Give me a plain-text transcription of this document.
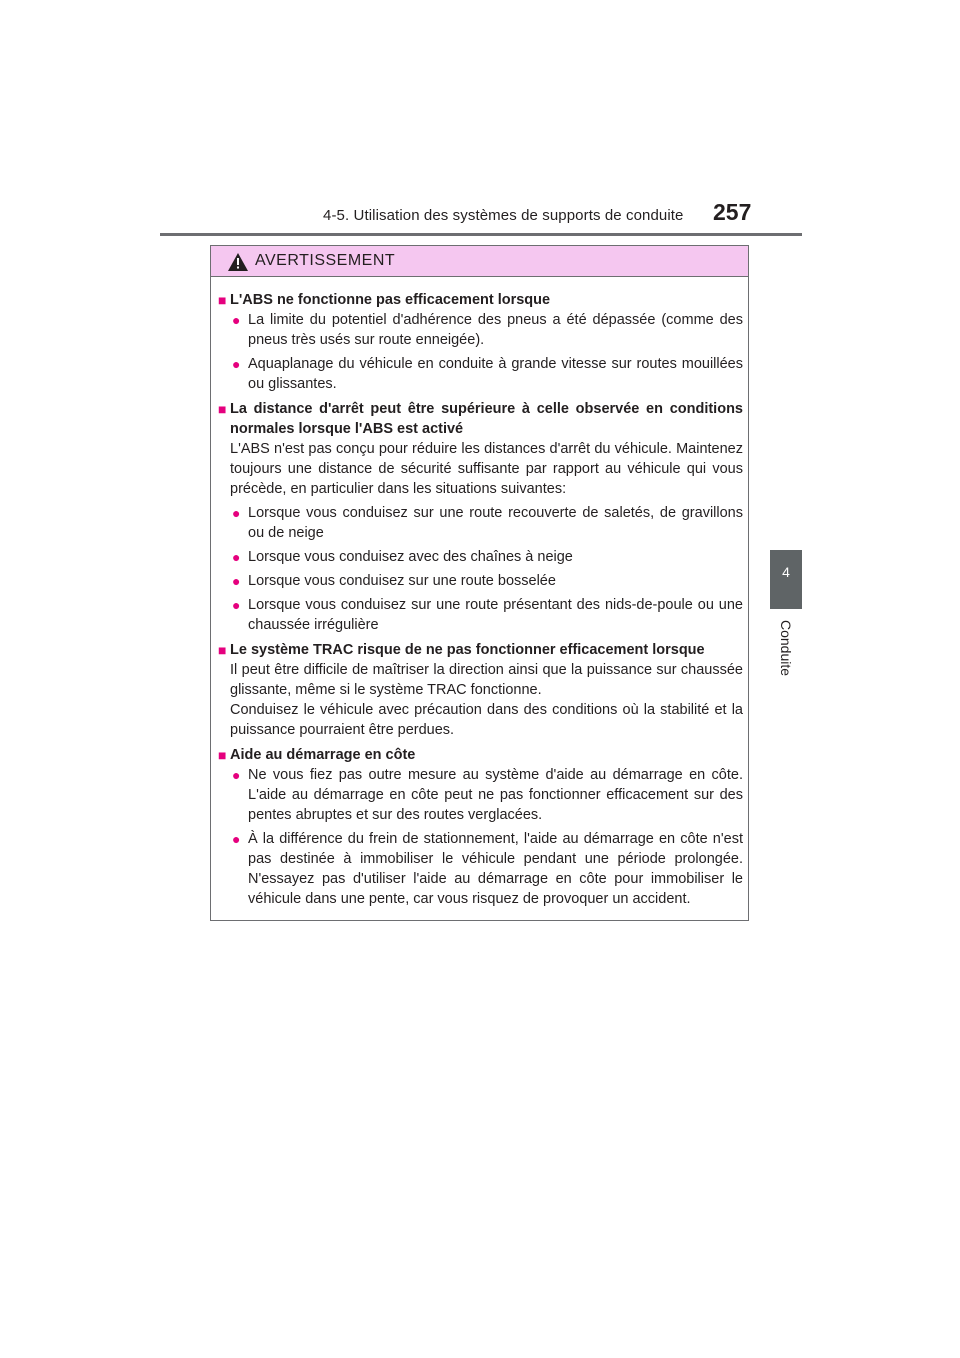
4-5. Utilisation des systèmes de supports de conduite 257
4
Conduite
AVERTISSEMENT
■ L'ABS ne fonctionne pas efficacement lorsque
● La limite du potentiel d'adhérence des pneus a été dépassée (comme des pneus très usés sur route enneigée).
● Aquaplanage du véhicule en conduite à grande vitesse sur routes mouillées ou glissantes.
■ La distance d'arrêt peut être supérieure à celle observée en conditions normales lorsque l'ABS est activé
L'ABS n'est pas conçu pour réduire les distances d'arrêt du véhicule. Maintenez toujours une distance de sécurité suffisante par rapport au véhicule qui vous précède, en particulier dans les situations suivantes:
● Lorsque vous conduisez sur une route recouverte de saletés, de gravillons ou de neige
● Lorsque vous conduisez avec des chaînes à neige
● Lorsque vous conduisez sur une route bosselée
● Lorsque vous conduisez sur une route présentant des nids-de-poule ou une chaussée irrégulière
■ Le système TRAC risque de ne pas fonctionner efficacement lorsque

Il peut être difficile de maîtriser la direction ainsi que la puissance sur chaussée glissante, même si le système TRAC fonctionne.

Conduisez le véhicule avec précaution dans des conditions où la stabilité et la puissance pourraient être perdues.

■ Aide au démarrage en côte
● Ne vous fiez pas outre mesure au système d'aide au démarrage en côte. L'aide au démarrage en côte peut ne pas fonctionner efficacement sur des pentes abruptes et sur des routes verglacées.
● À la différence du frein de stationnement, l'aide au démarrage en côte n'est pas destinée à immobiliser le véhicule pendant une période prolongée. N'essayez pas d'utiliser l'aide au démarrage en côte pour immobiliser le véhicule dans une pente, car vous risquez de provoquer un accident.
